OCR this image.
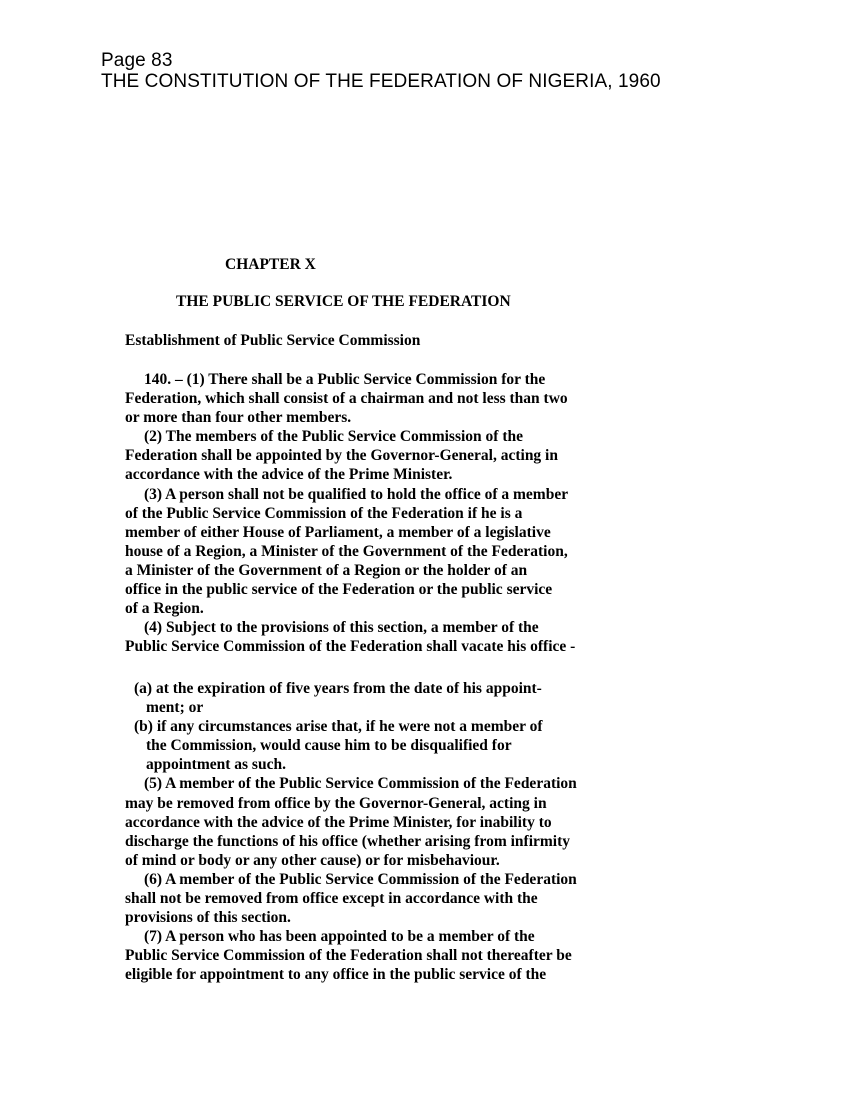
Page 83
THE CONSTITUTION OF THE FEDERATION OF NIGERIA, 1960
CHAPTER X
THE PUBLIC SERVICE OF THE FEDERATION
Establishment of Public Service Commission
140. – (1) There shall be a Public Service Commission for the
Federation, which shall consist of a chairman and not less than two
or more than four other members.
(2) The members of the Public Service Commission of the
Federation shall be appointed by the Governor-General, acting in
accordance with the advice of the Prime Minister.
(3) A person shall not be qualified to hold the office of a member
of the Public Service Commission of the Federation if he is a
member of either House of Parliament, a member of a legislative
house of a Region, a Minister of the Government of the Federation,
a Minister of the Government of a Region or the holder of an
office in the public service of the Federation or the public service
of a Region.
(4) Subject to the provisions of this section, a member of the
Public Service Commission of the Federation shall vacate his office -
(a) at the expiration of five years from the date of his appoint-
ment; or
(b) if any circumstances arise that, if he were not a member of
the Commission, would cause him to be disqualified for
appointment as such.
(5) A member of the Public Service Commission of the Federation
may be removed from office by the Governor-General, acting in
accordance with the advice of the Prime Minister, for inability to
discharge the functions of his office (whether arising from infirmity
of mind or body or any other cause) or for misbehaviour.
(6) A member of the Public Service Commission of the Federation
shall not be removed from office except in accordance with the
provisions of this section.
(7) A person who has been appointed to be a member of the
Public Service Commission of the Federation shall not thereafter be
eligible for appointment to any office in the public service of the
